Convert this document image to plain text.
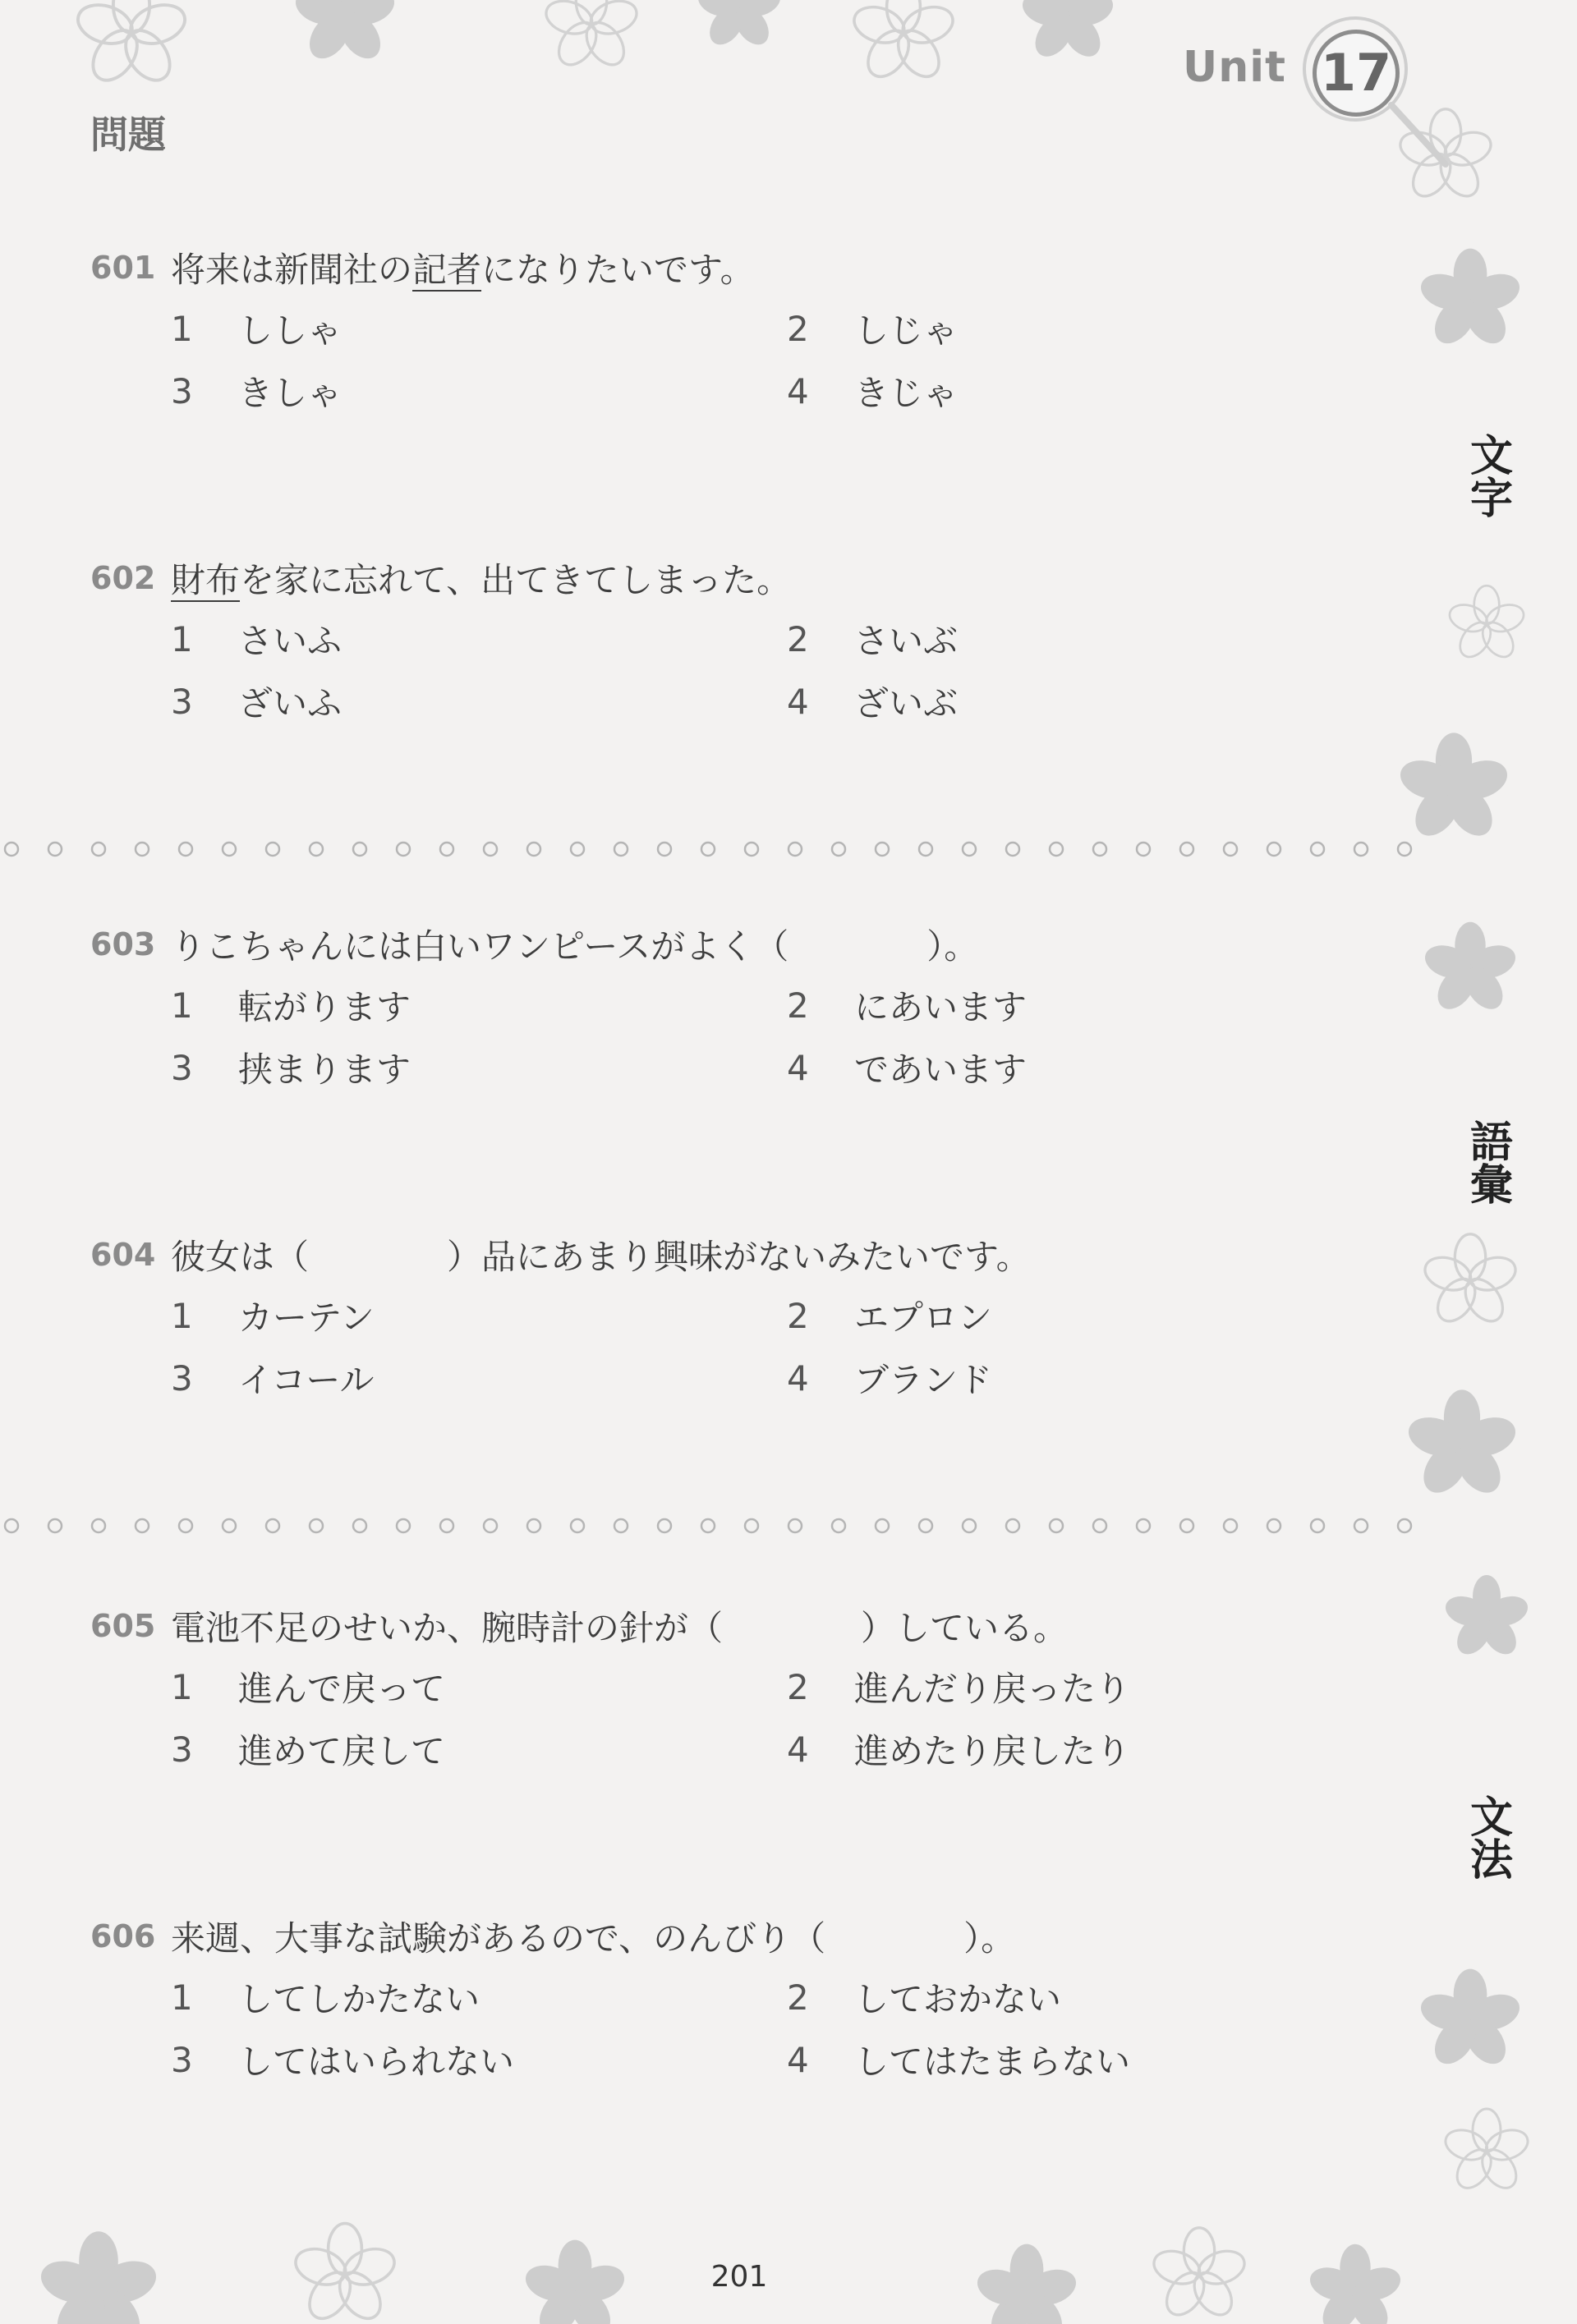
Unit 17
問題
601 将来は新聞社の記者になりたいです。
1	ししゃ	2	しじゃ
3	きしゃ	4	きじゃ
602 財布を家に忘れて、出てきてしまった。
1	さいふ	2	さいぶ
3	ざいふ	4	ざいぶ
603 りこちゃんには白いワンピースがよく（　　　　）。
1	転がります	2	にあいます
3	挟まります	4	であいます
604 彼女は（　　　　）品にあまり興味がないみたいです。
1	カーテン	2	エプロン
3	イコール	4	ブランド
605 電池不足のせいか、腕時計の針が（　　　　）している。
1	進んで戻って	2	進んだり戻ったり
3	進めて戻して	4	進めたり戻したり
606 来週、大事な試験があるので、のんびり（　　　　）。
1	してしかたない	2	しておかない
3	してはいられない	4	してはたまらない
文字
語彙
文法
201
